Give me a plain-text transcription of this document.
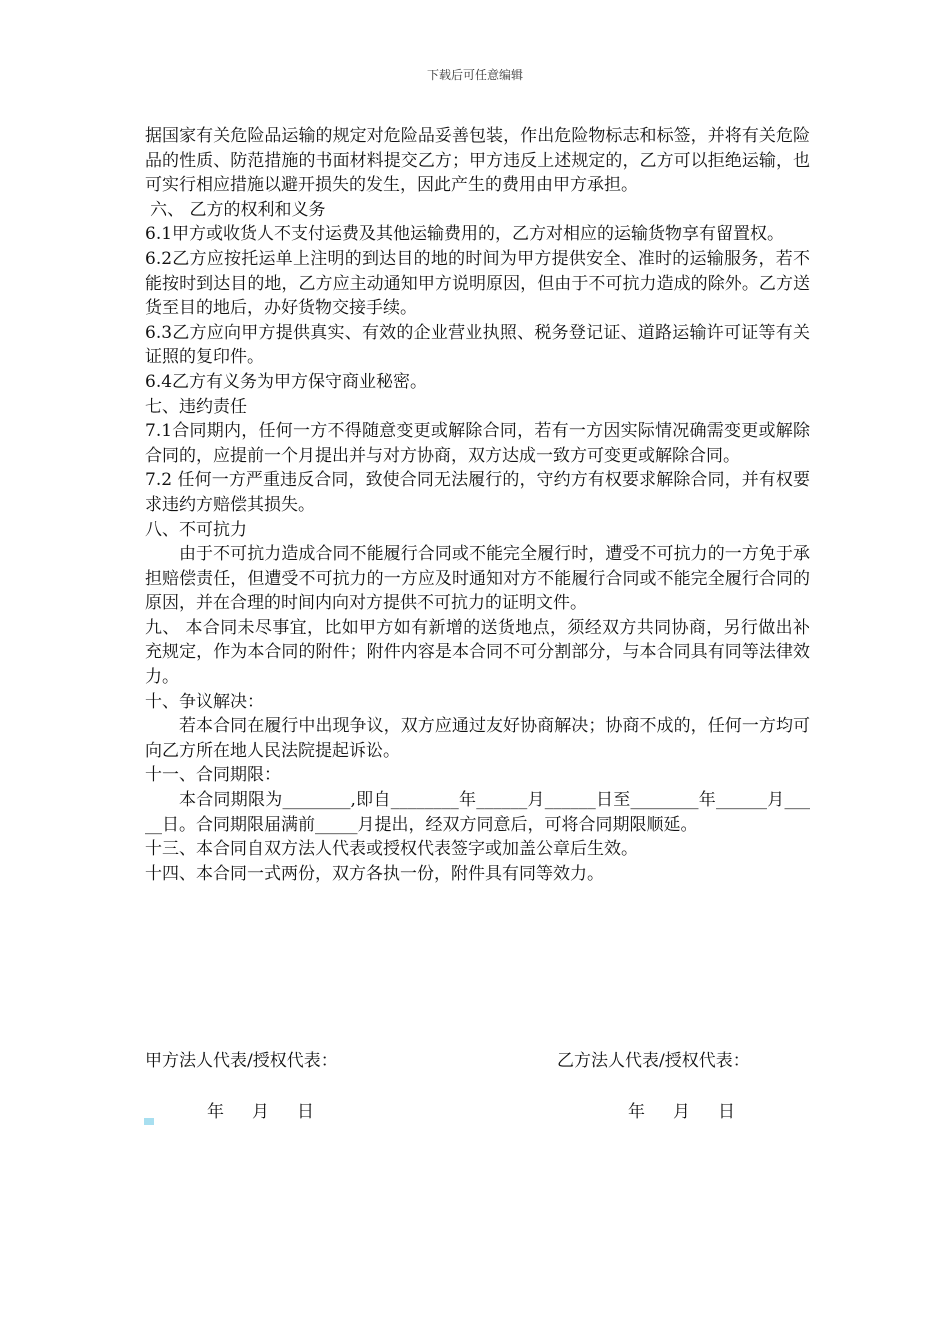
下载后可任意编辑

据国家有关危险品运输的规定对危险品妥善包装，作出危险物标志和标签，并将有关危险品的性质、防范措施的书面材料提交乙方；甲方违反上述规定的，乙方可以拒绝运输，也可实行相应措施以避开损失的发生，因此产生的费用由甲方承担。

六、 乙方的权利和义务

6.1甲方或收货人不支付运费及其他运输费用的，乙方对相应的运输货物享有留置权。

6.2乙方应按托运单上注明的到达目的地的时间为甲方提供安全、准时的运输服务，若不能按时到达目的地，乙方应主动通知甲方说明原因，但由于不可抗力造成的除外。乙方送货至目的地后，办好货物交接手续。

6.3乙方应向甲方提供真实、有效的企业营业执照、税务登记证、道路运输许可证等有关证照的复印件。

6.4乙方有义务为甲方保守商业秘密。

七、违约责任

7.1合同期内，任何一方不得随意变更或解除合同，若有一方因实际情况确需变更或解除合同的，应提前一个月提出并与对方协商，双方达成一致方可变更或解除合同。

7.2 任何一方严重违反合同，致使合同无法履行的，守约方有权要求解除合同，并有权要求违约方赔偿其损失。

八、不可抗力

由于不可抗力造成合同不能履行合同或不能完全履行时，遭受不可抗力的一方免于承担赔偿责任，但遭受不可抗力的一方应及时通知对方不能履行合同或不能完全履行合同的原因，并在合理的时间内向对方提供不可抗力的证明文件。

九、 本合同未尽事宜，比如甲方如有新增的送货地点，须经双方共同协商，另行做出补充规定，作为本合同的附件；附件内容是本合同不可分割部分，与本合同具有同等法律效力。

十、争议解决：

若本合同在履行中出现争议，双方应通过友好协商解决；协商不成的，任何一方均可向乙方所在地人民法院提起诉讼。

十一、合同期限：

本合同期限为________,即自________年______月______日至________年______月_____日。合同期限届满前_____月提出，经双方同意后，可将合同期限顺延。

十三、本合同自双方法人代表或授权代表签字或加盖公章后生效。

十四、本合同一式两份，双方各执一份，附件具有同等效力。

甲方法人代表/授权代表：	乙方法人代表/授权代表：
年 月 日	年 月 日
